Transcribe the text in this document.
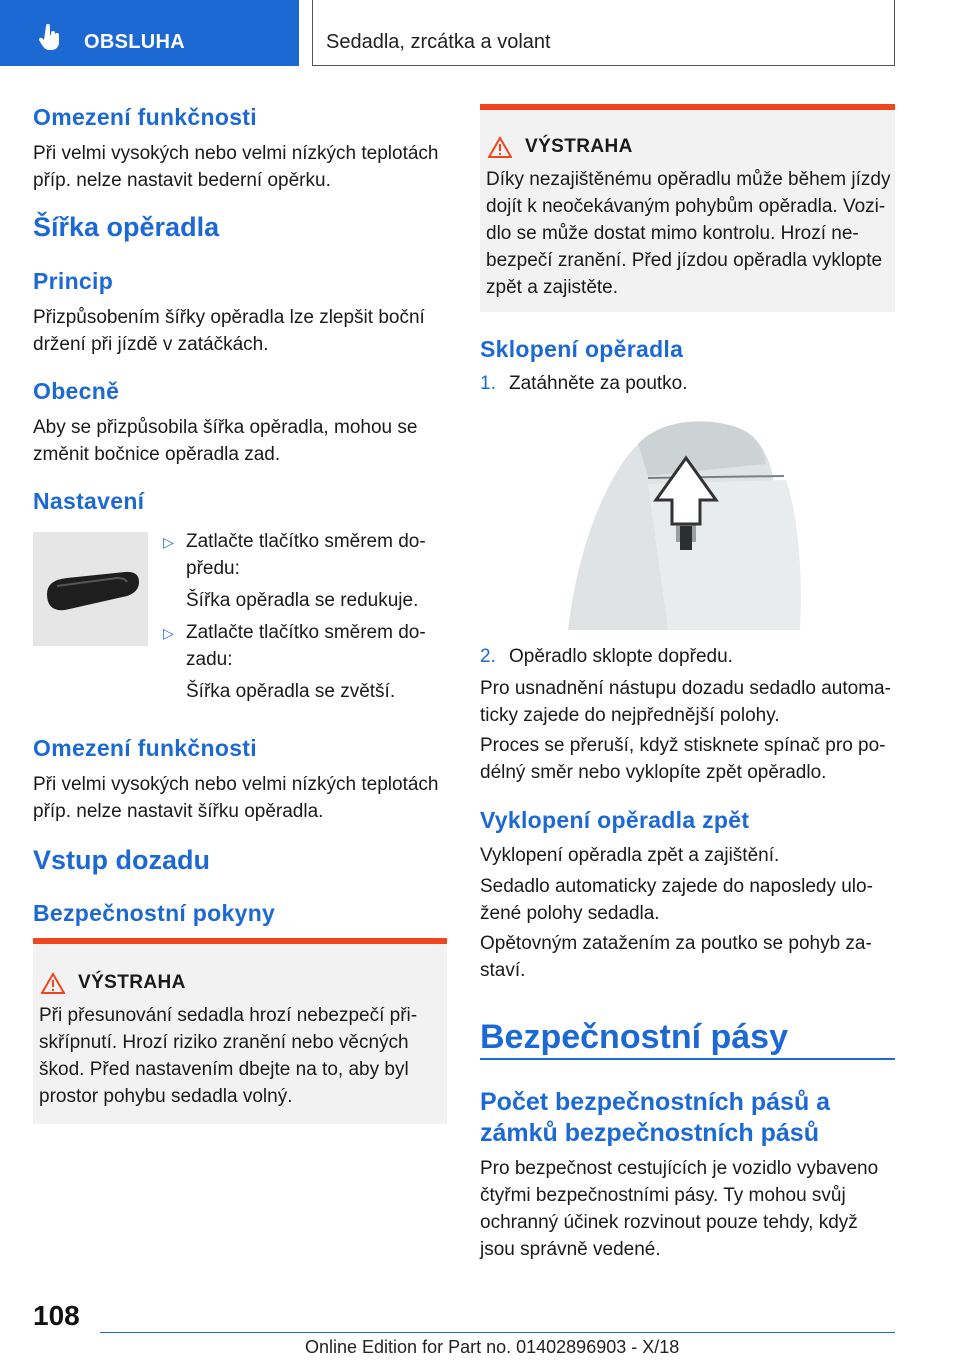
OBSLUHA	Sedadla, zrcátka a volant
Omezení funkčnosti
Při velmi vysokých nebo velmi nízkých teplotách
příp. nelze nastavit bederní opěrku.
Šířka opěradla
Princip
Přizpůsobením šířky opěradla lze zlepšit boční
držení při jízdě v zatáčkách.
Obecně
Aby se přizpůsobila šířka opěradla, mohou se
změnit bočnice opěradla zad.
Nastavení
▷ Zatlačte tlačítko směrem do-
předu:
Šířka opěradla se redukuje.
▷ Zatlačte tlačítko směrem do-
zadu:
Šířka opěradla se zvětší.
Omezení funkčnosti
Při velmi vysokých nebo velmi nízkých teplotách
příp. nelze nastavit šířku opěradla.
Vstup dozadu
Bezpečnostní pokyny
VÝSTRAHA
Při přesunování sedadla hrozí nebezpečí při-
skřípnutí. Hrozí riziko zranění nebo věcných
škod. Před nastavením dbejte na to, aby byl
prostor pohybu sedadla volný.
VÝSTRAHA
Díky nezajištěnému opěradlu může během jízdy
dojít k neočekávaným pohybům opěradla. Vozi-
dlo se může dostat mimo kontrolu. Hrozí ne-
bezpečí zranění. Před jízdou opěradla vyklopte
zpět a zajistěte.
Sklopení opěradla
1. Zatáhněte za poutko.
2. Opěradlo sklopte dopředu.
Pro usnadnění nástupu dozadu sedadlo automa-
ticky zajede do nejpřednější polohy.
Proces se přeruší, když stisknete spínač pro po-
délný směr nebo vyklopíte zpět opěradlo.
Vyklopení opěradla zpět
Vyklopení opěradla zpět a zajištění.
Sedadlo automaticky zajede do naposledy ulo-
žené polohy sedadla.
Opětovným zatažením za poutko se pohyb za-
staví.
Bezpečnostní pásy
Počet bezpečnostních pásů a
zámků bezpečnostních pásů
Pro bezpečnost cestujících je vozidlo vybaveno
čtyřmi bezpečnostními pásy. Ty mohou svůj
ochranný účinek rozvinout pouze tehdy, když
jsou správně vedené.
108
Online Edition for Part no. 01402896903 - X/18
